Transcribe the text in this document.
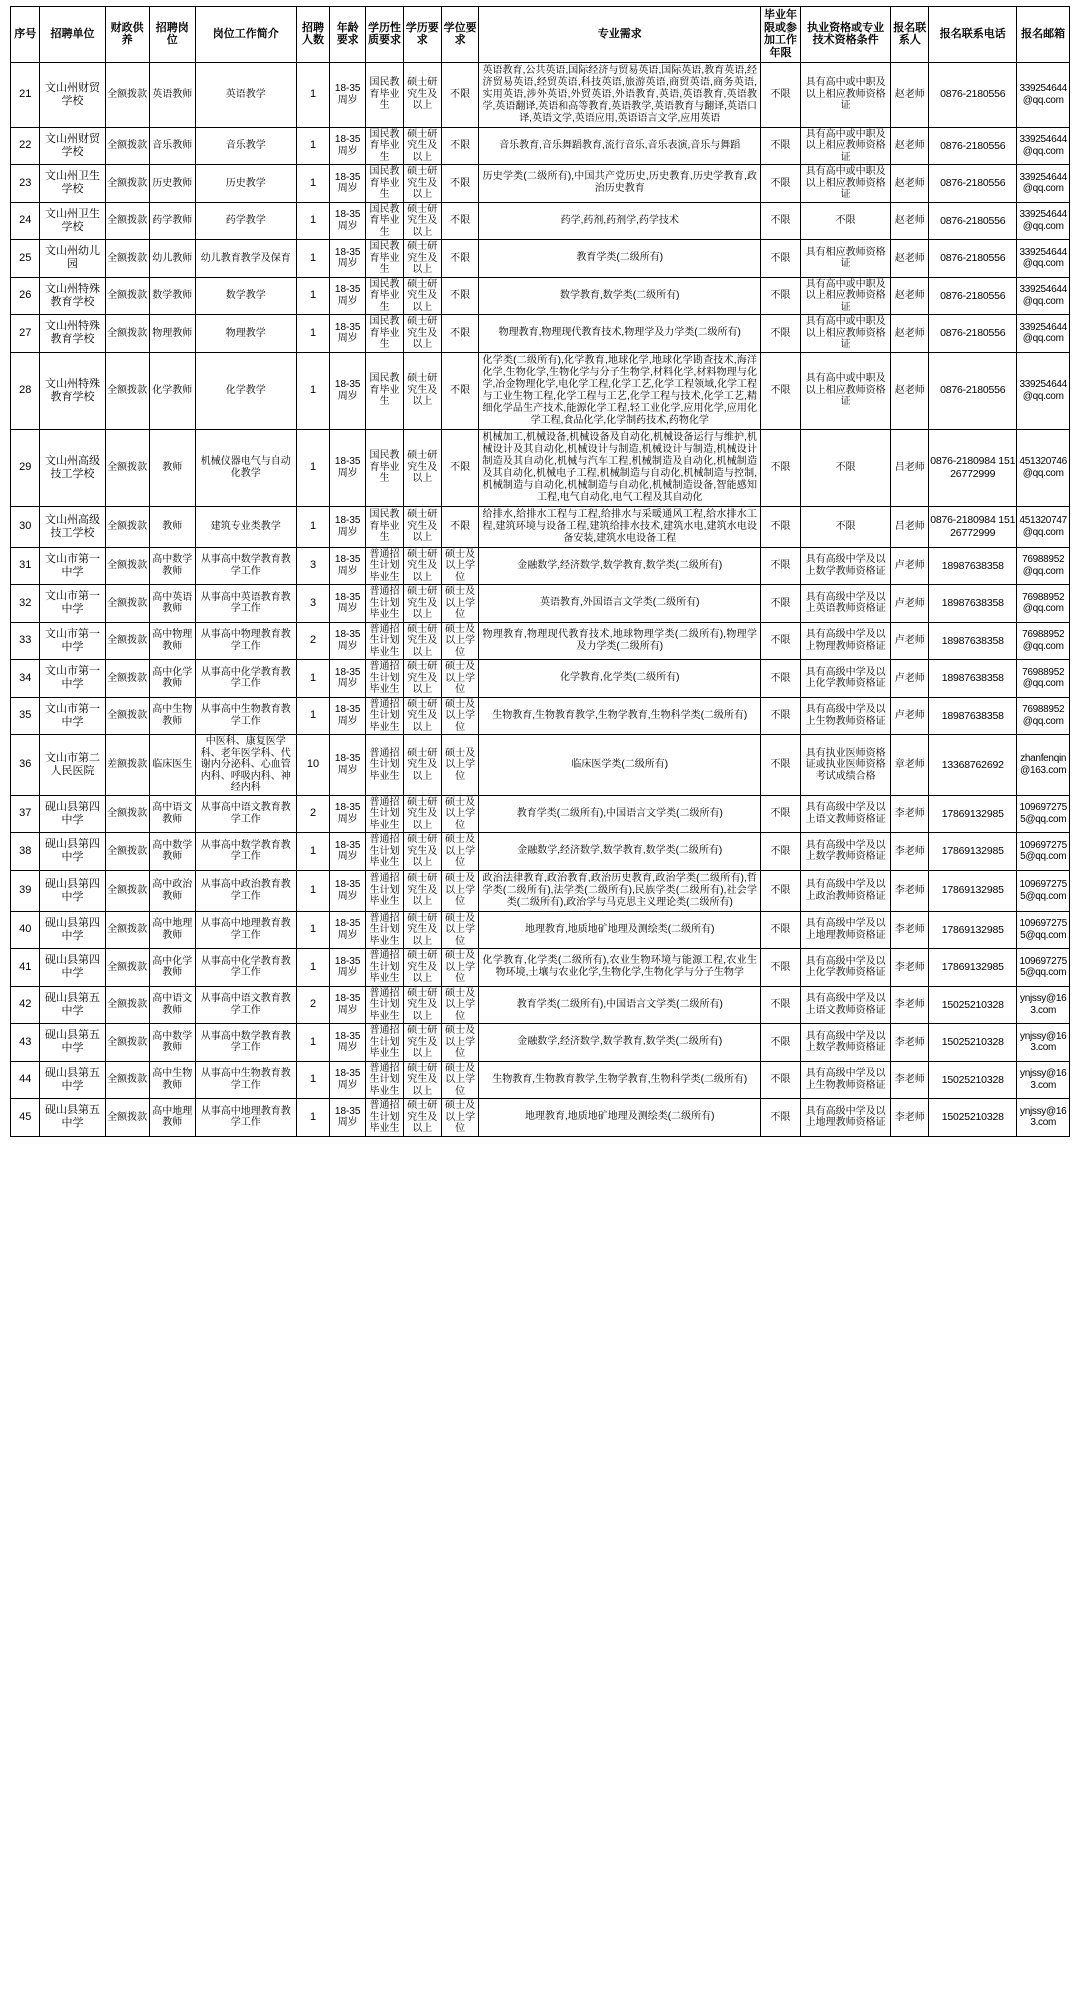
序号	招聘单位	财政供养	招聘岗位	岗位工作简介	招聘人数	年龄要求	学历性质要求	学历要求	学位要求	专业需求	毕业年限或参加工作年限	执业资格或专业技术资格条件	报名联系人	报名联系电话	报名邮箱
21	文山州财贸学校	全额拨款	英语教师	英语教学	1	18-35周岁	国民教育毕业生	硕士研究生及以上	不限	英语教育,公共英语,国际经济与贸易英语,国际英语,教育英语,经济贸易英语,经贸英语,科技英语,旅游英语,商贸英语,商务英语,实用英语,涉外英语,外贸英语,外语教育,英语,英语教育,英语教学,英语翻译,英语和高等教育,英语教学,英语教育与翻译,英语口译,英语文学,英语应用,英语语言文学,应用英语	不限	具有高中或中职及以上相应教师资格证	赵老师	0876-2180556	339254644@qq.com
22	文山州财贸学校	全额拨款	音乐教师	音乐教学	1	18-35周岁	国民教育毕业生	硕士研究生及以上	不限	音乐教育,音乐舞蹈教育,流行音乐,音乐表演,音乐与舞蹈	不限	具有高中或中职及以上相应教师资格证	赵老师	0876-2180556	339254644@qq.com
23	文山州卫生学校	全额拨款	历史教师	历史教学	1	18-35周岁	国民教育毕业生	硕士研究生及以上	不限	历史学类(二级所有),中国共产党历史,历史教育,历史学教育,政治历史教育	不限	具有高中或中职及以上相应教师资格证	赵老师	0876-2180556	339254644@qq.com
24	文山州卫生学校	全额拨款	药学教师	药学教学	1	18-35周岁	国民教育毕业生	硕士研究生及以上	不限	药学,药剂,药剂学,药学技术	不限	不限	赵老师	0876-2180556	339254644@qq.com
25	文山州幼儿园	全额拨款	幼儿教师	幼儿教育教学及保育	1	18-35周岁	国民教育毕业生	硕士研究生及以上	不限	教育学类(二级所有)	不限	具有相应教师资格证	赵老师	0876-2180556	339254644@qq.com
26	文山州特殊教育学校	全额拨款	数学教师	数学教学	1	18-35周岁	国民教育毕业生	硕士研究生及以上	不限	数学教育,数学类(二级所有)	不限	具有高中或中职及以上相应教师资格证	赵老师	0876-2180556	339254644@qq.com
27	文山州特殊教育学校	全额拨款	物理教师	物理教学	1	18-35周岁	国民教育毕业生	硕士研究生及以上	不限	物理教育,物理现代教育技术,物理学及力学类(二级所有)	不限	具有高中或中职及以上相应教师资格证	赵老师	0876-2180556	339254644@qq.com
28	文山州特殊教育学校	全额拨款	化学教师	化学教学	1	18-35周岁	国民教育毕业生	硕士研究生及以上	不限	化学类(二级所有),化学教育,地球化学,地球化学勘查技术,海洋化学,生物化学,生物化学与分子生物学,材料化学,材料物理与化学,冶金物理化学,电化学工程,化学工艺,化学工程领域,化学工程与工业生物工程,化学工程与工艺,化学工程与技术,化学工艺,精细化学品生产技术,能源化学工程,轻工业化学,应用化学,应用化学工程,食品化学,化学制药技术,药物化学	不限	具有高中或中职及以上相应教师资格证	赵老师	0876-2180556	339254644@qq.com
29	文山州高级技工学校	全额拨款	教师	机械仪器电气与自动化教学	1	18-35周岁	国民教育毕业生	硕士研究生及以上	不限	机械加工,机械设备,机械设备及自动化,机械设备运行与维护,机械设计及其自动化,机械设计与制造,机械设计与制造,机械设计制造及其自动化,机械与汽车工程,机械制造及自动化,机械制造及其自动化,机械电子工程,机械制造与自动化,机械制造与控制,机械制造与自动化,机械制造与自动化,机械制造设备,智能感知工程,电气自动化,电气工程及其自动化	不限	不限	吕老师	0876-2180984 15126772999	451320746@qq.com
30	文山州高级技工学校	全额拨款	教师	建筑专业类教学	1	18-35周岁	国民教育毕业生	硕士研究生及以上	不限	给排水,给排水工程与工程,给排水与采暖通风工程,给水排水工程,建筑环境与设备工程,建筑给排水技术,建筑水电,建筑水电设备安装,建筑水电设备工程	不限	不限	吕老师	0876-2180984 15126772999	451320747@qq.com
31	文山市第一中学	全额拨款	高中数学教师	从事高中数学教育教学工作	3	18-35周岁	普通招生计划毕业生	硕士研究生及以上	硕士及以上学位	金融数学,经济数学,数学教育,数学类(二级所有)	不限	具有高级中学及以上数学教师资格证	卢老师	18987638358	76988952@qq.com
32	文山市第一中学	全额拨款	高中英语教师	从事高中英语教育教学工作	3	18-35周岁	普通招生计划毕业生	硕士研究生及以上	硕士及以上学位	英语教育,外国语言文学类(二级所有)	不限	具有高级中学及以上英语教师资格证	卢老师	18987638358	76988952@qq.com
33	文山市第一中学	全额拨款	高中物理教师	从事高中物理教育教学工作	2	18-35周岁	普通招生计划毕业生	硕士研究生及以上	硕士及以上学位	物理教育,物理现代教育技术,地球物理学类(二级所有),物理学及力学类(二级所有)	不限	具有高级中学及以上物理教师资格证	卢老师	18987638358	76988952@qq.com
34	文山市第一中学	全额拨款	高中化学教师	从事高中化学教育教学工作	1	18-35周岁	普通招生计划毕业生	硕士研究生及以上	硕士及以上学位	化学教育,化学类(二级所有)	不限	具有高级中学及以上化学教师资格证	卢老师	18987638358	76988952@qq.com
35	文山市第一中学	全额拨款	高中生物教师	从事高中生物教育教学工作	1	18-35周岁	普通招生计划毕业生	硕士研究生及以上	硕士及以上学位	生物教育,生物教育教学,生物学教育,生物科学类(二级所有)	不限	具有高级中学及以上生物教师资格证	卢老师	18987638358	76988952@qq.com
36	文山市第二人民医院	差额拨款	临床医生	中医科、康复医学科、老年医学科、代谢内分泌科、心血管内科、呼吸内科、神经内科	10	18-35周岁	普通招生计划毕业生	硕士研究生及以上	硕士及以上学位	临床医学类(二级所有)	不限	具有执业医师资格证或执业医师资格考试成绩合格	章老师	13368762692	zhanfenqin@163.com
37	砚山县第四中学	全额拨款	高中语文教师	从事高中语文教育教学工作	2	18-35周岁	普通招生计划毕业生	硕士研究生及以上	硕士及以上学位	教育学类(二级所有),中国语言文学类(二级所有)	不限	具有高级中学及以上语文教师资格证	李老师	17869132985	1096972755@qq.com
38	砚山县第四中学	全额拨款	高中数学教师	从事高中数学教育教学工作	1	18-35周岁	普通招生计划毕业生	硕士研究生及以上	硕士及以上学位	金融数学,经济数学,数学教育,数学类(二级所有)	不限	具有高级中学及以上数学教师资格证	李老师	17869132985	1096972755@qq.com
39	砚山县第四中学	全额拨款	高中政治教师	从事高中政治教育教学工作	1	18-35周岁	普通招生计划毕业生	硕士研究生及以上	硕士及以上学位	政治法律教育,政治教育,政治历史教育,政治学类(二级所有),哲学类(二级所有),法学类(二级所有),民族学类(二级所有),社会学类(二级所有),政治学与马克思主义理论类(二级所有)	不限	具有高级中学及以上政治教师资格证	李老师	17869132985	1096972755@qq.com
40	砚山县第四中学	全额拨款	高中地理教师	从事高中地理教育教学工作	1	18-35周岁	普通招生计划毕业生	硕士研究生及以上	硕士及以上学位	地理教育,地质地矿地理及测绘类(二级所有)	不限	具有高级中学及以上地理教师资格证	李老师	17869132985	1096972755@qq.com
41	砚山县第四中学	全额拨款	高中化学教师	从事高中化学教育教学工作	1	18-35周岁	普通招生计划毕业生	硕士研究生及以上	硕士及以上学位	化学教育,化学类(二级所有),农业生物环境与能源工程,农业生物环境,土壤与农业化学,生物化学,生物化学与分子生物学	不限	具有高级中学及以上化学教师资格证	李老师	17869132985	1096972755@qq.com
42	砚山县第五中学	全额拨款	高中语文教师	从事高中语文教育教学工作	2	18-35周岁	普通招生计划毕业生	硕士研究生及以上	硕士及以上学位	教育学类(二级所有),中国语言文学类(二级所有)	不限	具有高级中学及以上语文教师资格证	李老师	15025210328	ynjssy@163.com
43	砚山县第五中学	全额拨款	高中数学教师	从事高中数学教育教学工作	1	18-35周岁	普通招生计划毕业生	硕士研究生及以上	硕士及以上学位	金融数学,经济数学,数学教育,数学类(二级所有)	不限	具有高级中学及以上数学教师资格证	李老师	15025210328	ynjssy@163.com
44	砚山县第五中学	全额拨款	高中生物教师	从事高中生物教育教学工作	1	18-35周岁	普通招生计划毕业生	硕士研究生及以上	硕士及以上学位	生物教育,生物教育教学,生物学教育,生物科学类(二级所有)	不限	具有高级中学及以上生物教师资格证	李老师	15025210328	ynjssy@163.com
45	砚山县第五中学	全额拨款	高中地理教师	从事高中地理教育教学工作	1	18-35周岁	普通招生计划毕业生	硕士研究生及以上	硕士及以上学位	地理教育,地质地矿地理及测绘类(二级所有)	不限	具有高级中学及以上地理教师资格证	李老师	15025210328	ynjssy@163.com
